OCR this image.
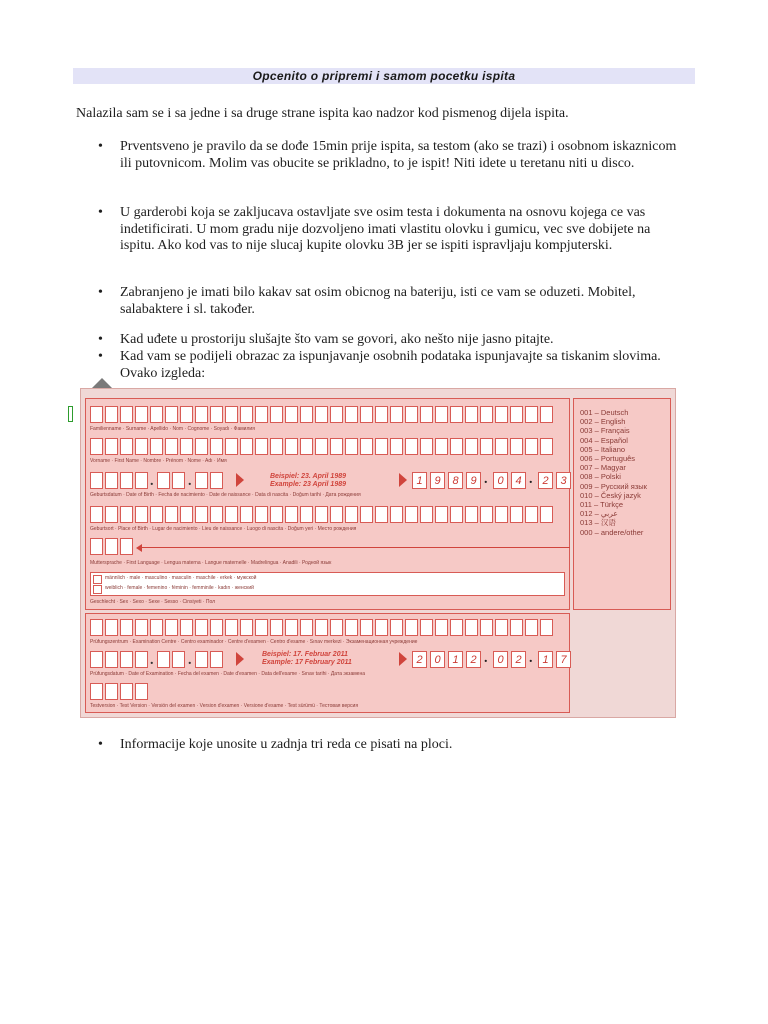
Opcenito o pripremi i samom pocetku ispita
Nalazila sam se i sa jedne i sa druge strane ispita kao nadzor kod pismenog dijela ispita.
•	Prventsveno je pravilo da se dođe 15min prije ispita, sa testom (ako se trazi) i osobnom iskaznicom ili putovnicom. Molim vas obucite se prikladno, to je ispit! Niti idete u teretanu niti u disco.
•	U garderobi koja se zakljucava ostavljate sve osim testa i dokumenta na osnovu kojega ce vas indetificirati. U mom gradu nije dozvoljeno imati vlastitu olovku i gumicu, vec sve dobijete na ispitu. Ako kod vas to nije slucaj kupite olovku 3B jer se ispiti ispravljaju kompjuterski.
•	Zabranjeno je imati bilo kakav sat osim obicnog na bateriju, isti ce vam se oduzeti. Mobitel, salabaktere i sl. također.
•	Kad uđete u prostoriju slušajte što vam se govori, ako nešto nije jasno pitajte.
•	Kad vam se podijeli obrazac za ispunjavanje osobnih podataka ispunjavajte sa tiskanim slovima. Ovako izgleda:
Familienname · Surname · Apellido · Nom · Cognome · Soyadı · Фамилия
Vorname · First Name · Nombre · Prénom · Nome · Adı · Имя
. .	Beispiel: 23. April 1989
Example: 23 April 1989	1	9	8	9 . 0	4 . 2	3
Geburtsdatum · Date of Birth · Fecha de nacimiento · Date de naissance · Data di nascita · Doğum tarihi · Дата рождения
Geburtsort · Place of Birth · Lugar de nacimiento · Lieu de naissance · Luogo di nascita · Doğum yeri · Место рождения
Muttersprache · First Language · Lengua materna · Langue maternelle · Madrelingua · Anadili · Родной язык
männlich · male · masculino · masculin · maschile · erkek · мужской
weiblich · female · femenino · féminin · femminile · kadın · женский
Geschlecht · Sex · Sexo · Sexe · Sesso · Cinsiyeti · Пол
001 – Deutsch
002 – English
003 – Français
004 – Español
005 – Italiano
006 – Português
007 – Magyar
008 – Polski
009 – Русский язык
010 – Český jazyk
011 – Türkçe
012 – عربي
013 – 汉语
000 – andere/other
Prüfungszentrum · Examination Centre · Centro examinador · Centre d'examen · Centro d'esame · Sınav merkezi · Экзаменационная учреждение
. .	Beispiel: 17. Februar 2011
Example: 17 February 2011	2	0	1	2 . 0	2 . 1	7
Prüfungsdatum · Date of Examination · Fecha del examen · Date d'examen · Data dell'esame · Sınav tarihi · Дата экзамена
Testversion · Test Version · Versión del examen · Version d'examen · Versione d'esame · Test sürümü · Тестовая версия
•	Informacije koje unosite u zadnja tri reda ce pisati na ploci.
